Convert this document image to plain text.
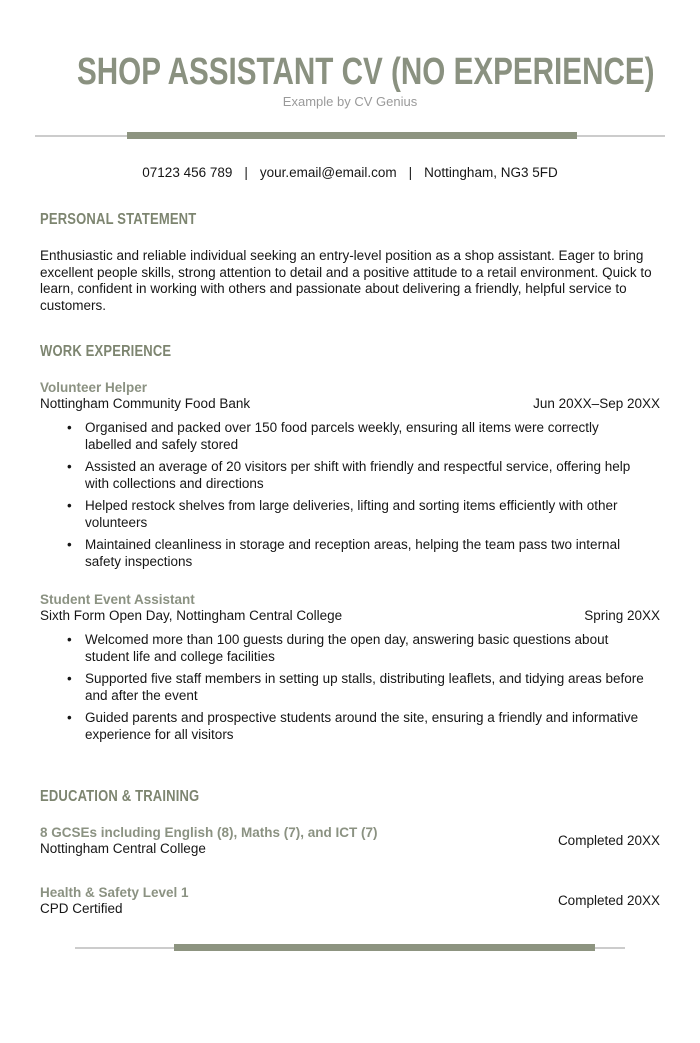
SHOP ASSISTANT CV (NO EXPERIENCE)
Example by CV Genius
07123 456 789 | your.email@email.com | Nottingham, NG3 5FD
PERSONAL STATEMENT

Enthusiastic and reliable individual seeking an entry-level position as a shop assistant. Eager to bring excellent people skills, strong attention to detail and a positive attitude to a retail environment. Quick to learn, confident in working with others and passionate about delivering a friendly, helpful service to customers.

WORK EXPERIENCE
Volunteer Helper
Nottingham Community Food Bank	Jun 20XX–Sep 20XX
• Organised and packed over 150 food parcels weekly, ensuring all items were correctly labelled and safely stored
• Assisted an average of 20 visitors per shift with friendly and respectful service, offering help with collections and directions
• Helped restock shelves from large deliveries, lifting and sorting items efficiently with other volunteers
• Maintained cleanliness in storage and reception areas, helping the team pass two internal safety inspections
Student Event Assistant
Sixth Form Open Day, Nottingham Central College	Spring 20XX
• Welcomed more than 100 guests during the open day, answering basic questions about student life and college facilities
• Supported five staff members in setting up stalls, distributing leaflets, and tidying areas before and after the event
• Guided parents and prospective students around the site, ensuring a friendly and informative experience for all visitors
EDUCATION & TRAINING
8 GCSEs including English (8), Maths (7), and ICT (7)
Nottingham Central College
Completed 20XX
Health & Safety Level 1
CPD Certified
Completed 20XX
